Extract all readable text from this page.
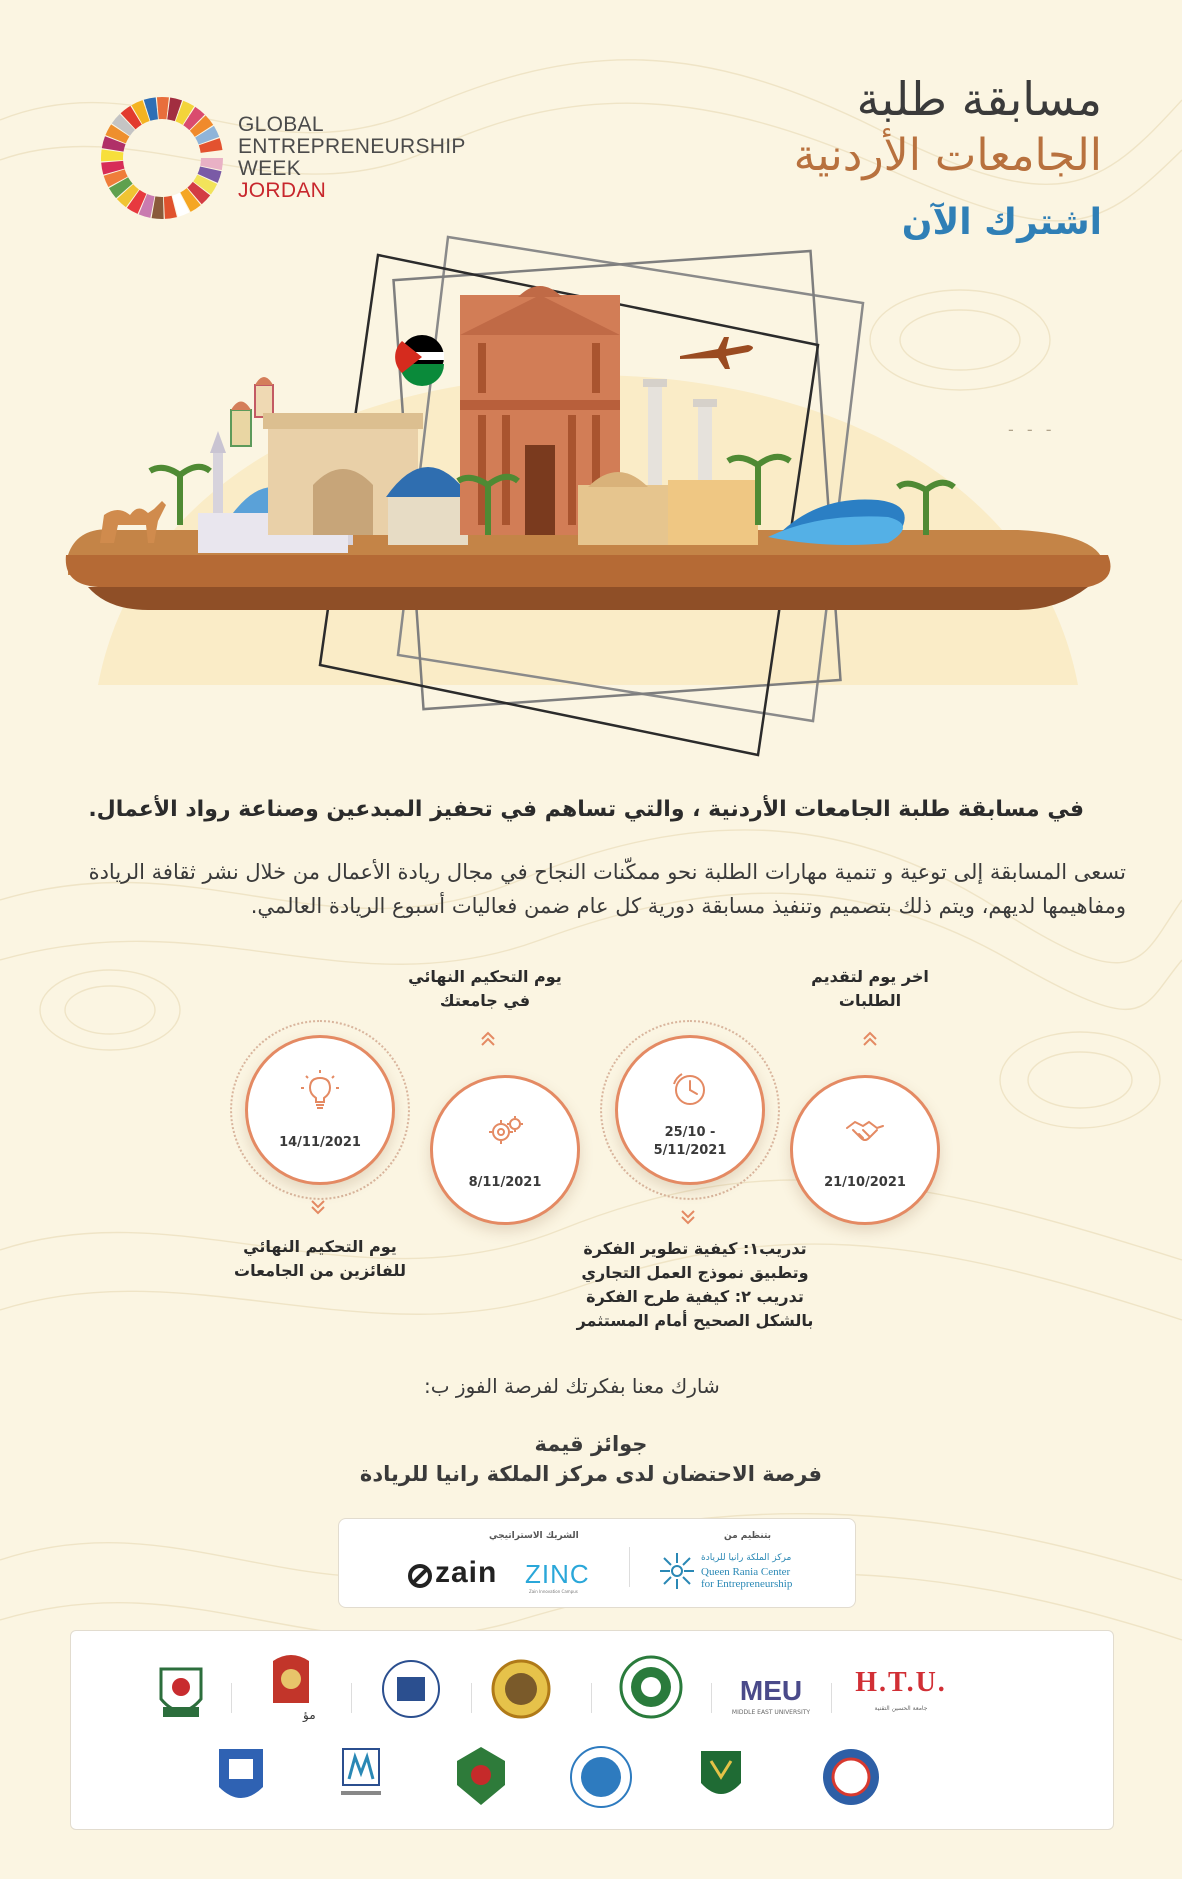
GLOBAL
ENTREPRENEURSHIP
WEEK
JORDAN
مسابقة طلبة
الجامعات الأردنية
اشترك الآن
- - -
في مسابقة طلبة الجامعات الأردنية ، والتي تساهم في تحفيز المبدعين وصناعة رواد الأعمال.
تسعى المسابقة إلى توعية و تنمية مهارات الطلبة نحو ممكّنات النجاح في مجال ريادة الأعمال من خلال نشر ثقافة الريادة ومفاهيمها لديهم، ويتم ذلك بتصميم وتنفيذ مسابقة دورية كل عام ضمن فعاليات أسبوع الريادة العالمي.
اخر يوم لتقديم
الطلبات
يوم التحكيم النهائي
في جامعتك
21/10/2021
25/10 -
5/11/2021
8/11/2021
14/11/2021
يوم التحكيم النهائي
للفائزين من الجامعات
تدريب١: كيفية تطوير الفكرة
وتطبيق نموذج العمل التجاري
تدريب ٢: كيفية طرح الفكرة
بالشكل الصحيح أمام المستثمر
شارك معنا بفكرتك لفرصة الفوز ب:
جوائز قيمة
فرصة الاحتضان لدى مركز الملكة رانيا للريادة
الشريك الاستراتيجي	بتنظيم من
zain ZINC
Zain Innovation Campus
مركز الملكة رانيا للريادة
Queen Rania Center
for Entrepreneurship
مؤ
MEU
MIDDLE EAST UNIVERSITY
H.T.U.
جامعة الحسين التقنية
